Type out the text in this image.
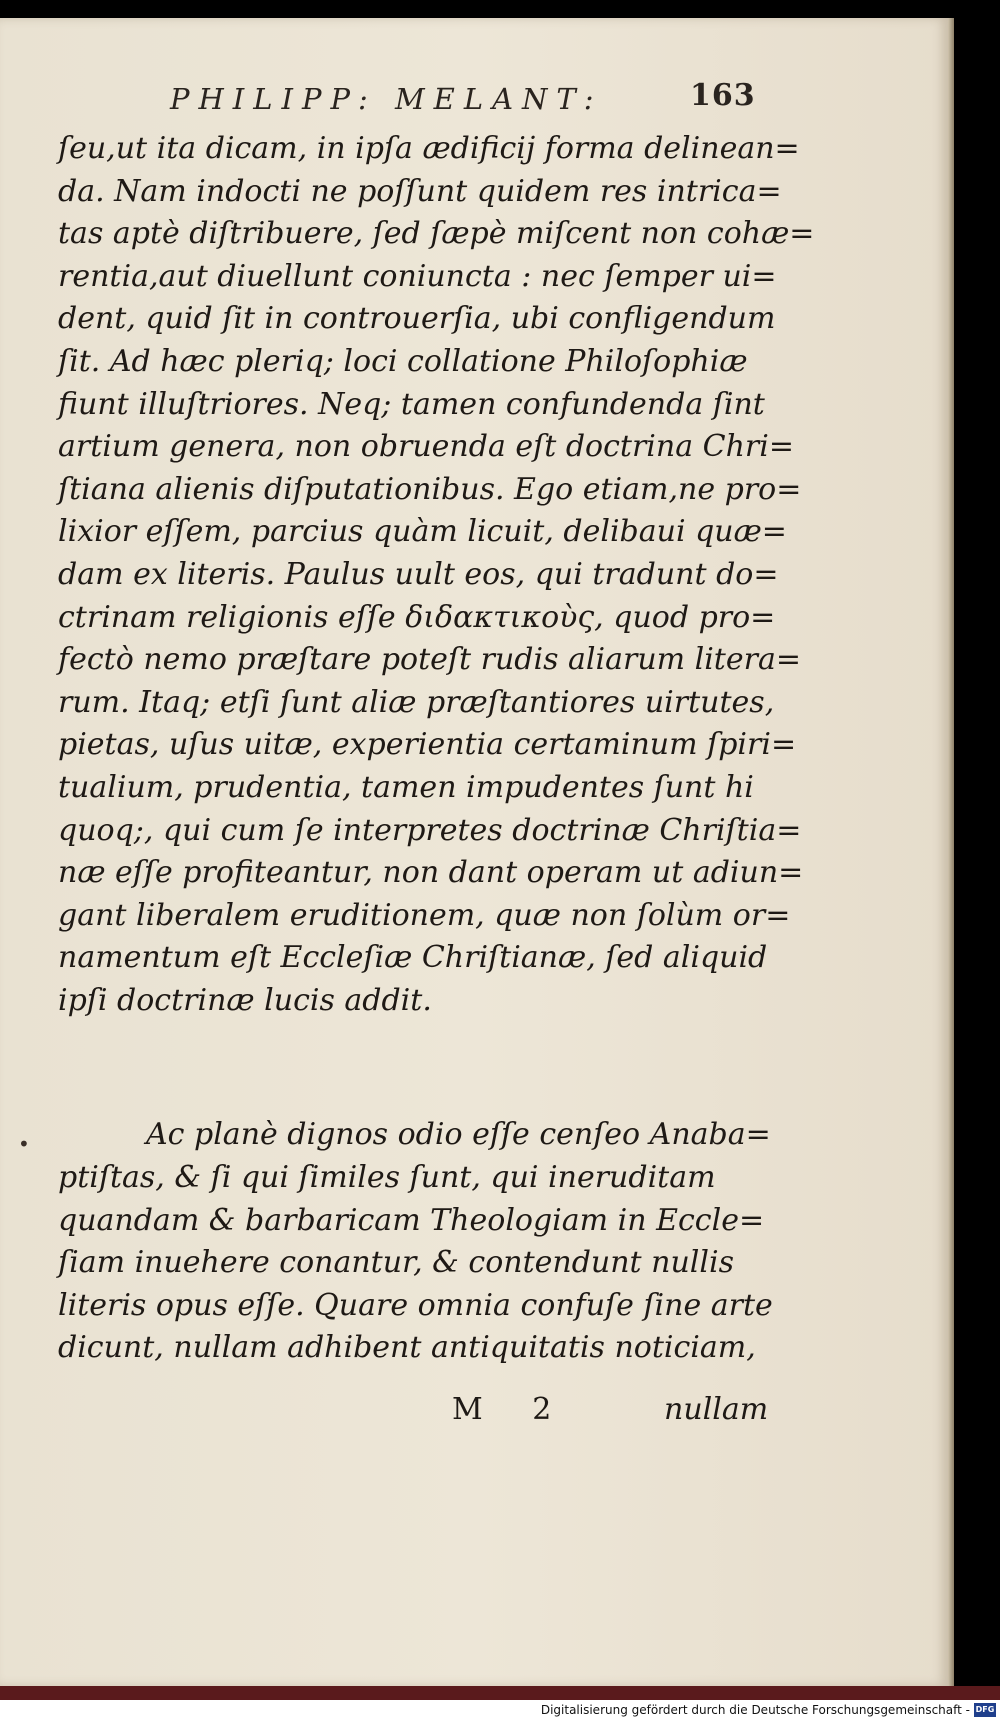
PHILIPP: MELANT:	163
•
ſeu,ut ita dicam, in ipſa ædificij forma delinean=
da. Nam indocti ne poſſunt quidem res intrica=
tas aptè diſtribuere, ſed ſæpè miſcent non cohæ=
rentia,aut diuellunt coniuncta : nec ſemper ui=
dent, quid ſit in controuerſia, ubi confligendum
ſit. Ad hæc pleriq; loci collatione Philoſophiæ
fiunt illuſtriores. Neq; tamen confundenda ſint
artium genera, non obruenda eſt doctrina Chri=
ſtiana alienis diſputationibus. Ego etiam,ne pro=
lixior eſſem, parcius quàm licuit, delibaui quæ=
dam ex literis. Paulus uult eos, qui tradunt do=
ctrinam religionis eſſe διδακτικοὺς, quod pro=
fectò nemo præſtare poteſt rudis aliarum litera=
rum. Itaq; etſi ſunt aliæ præſtantiores uirtutes,
pietas, uſus uitæ, experientia certaminum ſpiri=
tualium, prudentia, tamen impudentes ſunt hi
quoq;, qui cum ſe interpretes doctrinæ Chriſtia=
næ eſſe profiteantur, non dant operam ut adiun=
gant liberalem eruditionem, quæ non ſolùm or=
namentum eſt Eccleſiæ Chriſtianæ, ſed aliquid
ipſi doctrinæ lucis addit.
Ac planè dignos odio eſſe cenſeo Anaba=
ptiſtas, & ſi qui ſimiles ſunt, qui ineruditam
quandam & barbaricam Theologiam in Eccle=
ſiam inuehere conantur, & contendunt nullis
literis opus eſſe. Quare omnia confuſe ſine arte
dicunt, nullam adhibent antiquitatis noticiam,
M 2	nullam
Digitalisierung gefördert durch die Deutsche Forschungsgemeinschaft - DFG
